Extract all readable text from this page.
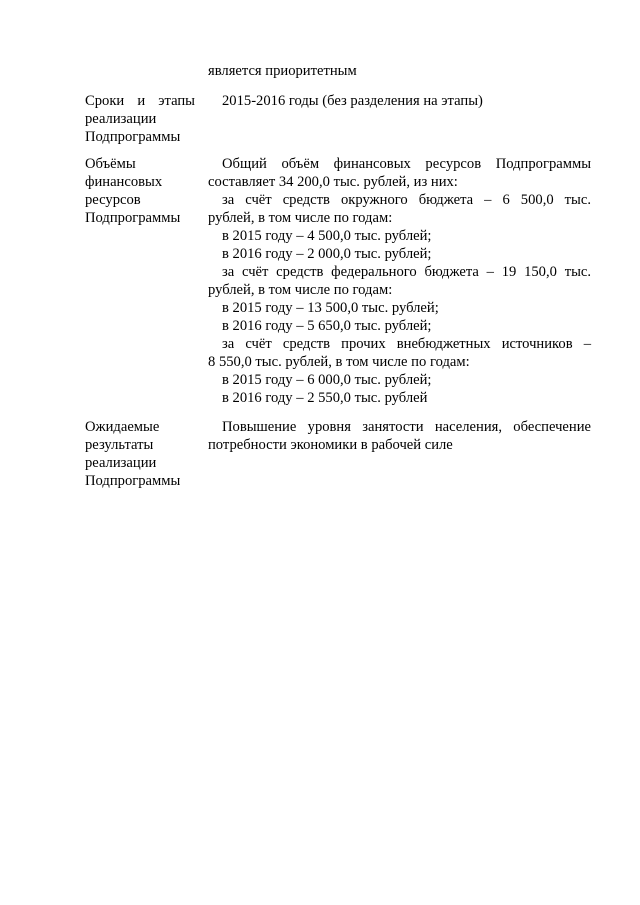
является приоритетным
Сроки и этапы
реализации
Подпрограммы
2015-2016 годы (без разделения на этапы)
Объёмы
финансовых
ресурсов
Подпрограммы
Общий объём финансовых ресурсов Подпрограммы
составляет 34 200,0 тыс. рублей, из них:
за счёт средств окружного бюджета – 6 500,0 тыс.
рублей, в том числе по годам:
в 2015 году – 4 500,0 тыс. рублей;
в 2016 году – 2 000,0 тыс. рублей;
за счёт средств федерального бюджета – 19 150,0 тыс.
рублей, в том числе по годам:
в 2015 году – 13 500,0 тыс. рублей;
в 2016 году – 5 650,0 тыс. рублей;
за счёт средств прочих внебюджетных источников –
8 550,0 тыс. рублей, в том числе по годам:
в 2015 году – 6 000,0 тыс. рублей;
в 2016 году – 2 550,0 тыс. рублей
Ожидаемые
результаты
реализации
Подпрограммы
Повышение уровня занятости населения, обеспечение
потребности экономики в рабочей силе
